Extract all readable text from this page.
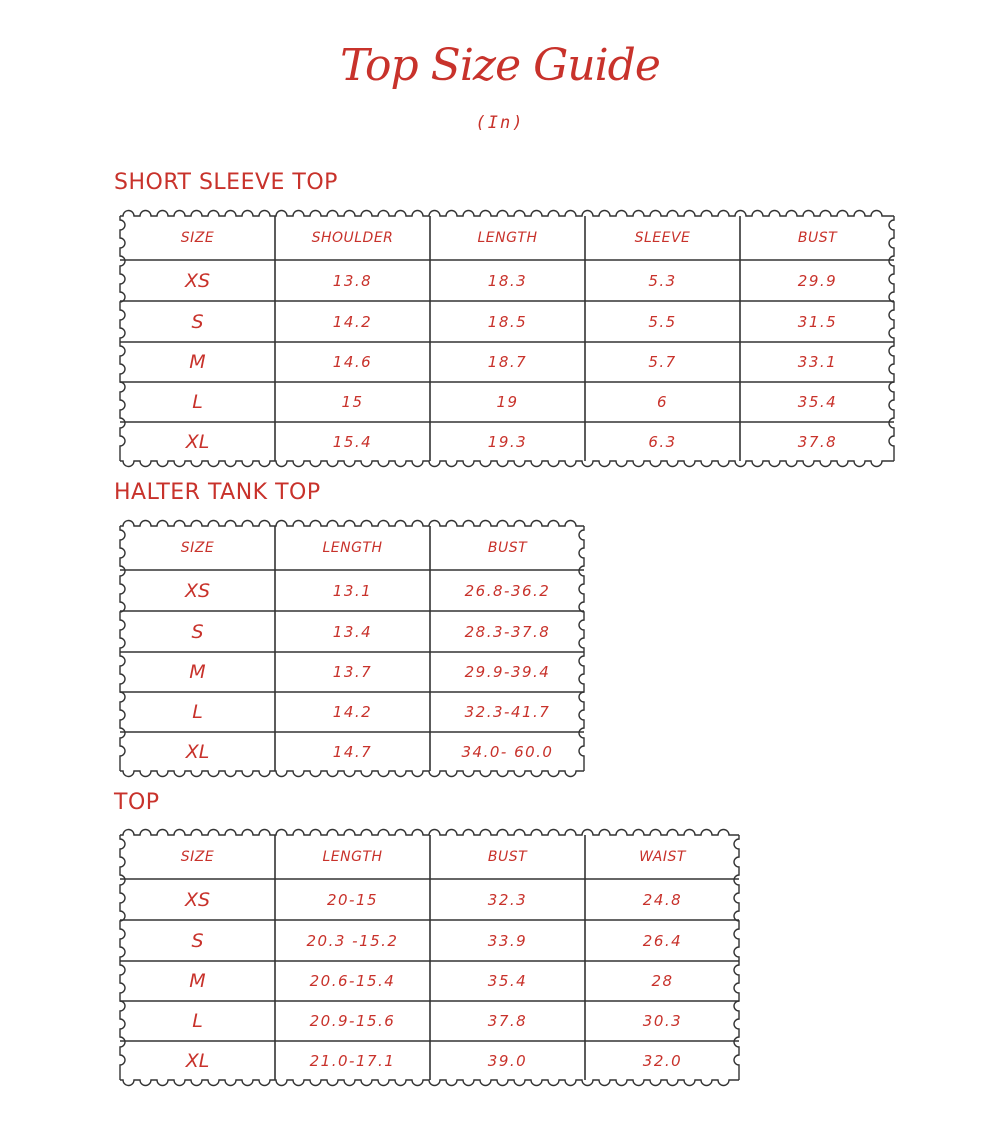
Top Size Guide
(In)
SHORT SLEEVE TOP
SIZE	SHOULDER	LENGTH	SLEEVE	BUST
XS	13.8	18.3	5.3	29.9
S	14.2	18.5	5.5	31.5
M	14.6	18.7	5.7	33.1
L	15	19	6	35.4
XL	15.4	19.3	6.3	37.8
HALTER TANK TOP
SIZE	LENGTH	BUST
XS	13.1	26.8-36.2
S	13.4	28.3-37.8
M	13.7	29.9-39.4
L	14.2	32.3-41.7
XL	14.7	34.0- 60.0
TOP
SIZE	LENGTH	BUST	WAIST
XS	20-15	32.3	24.8
S	20.3 -15.2	33.9	26.4
M	20.6-15.4	35.4	28
L	20.9-15.6	37.8	30.3
XL	21.0-17.1	39.0	32.0
